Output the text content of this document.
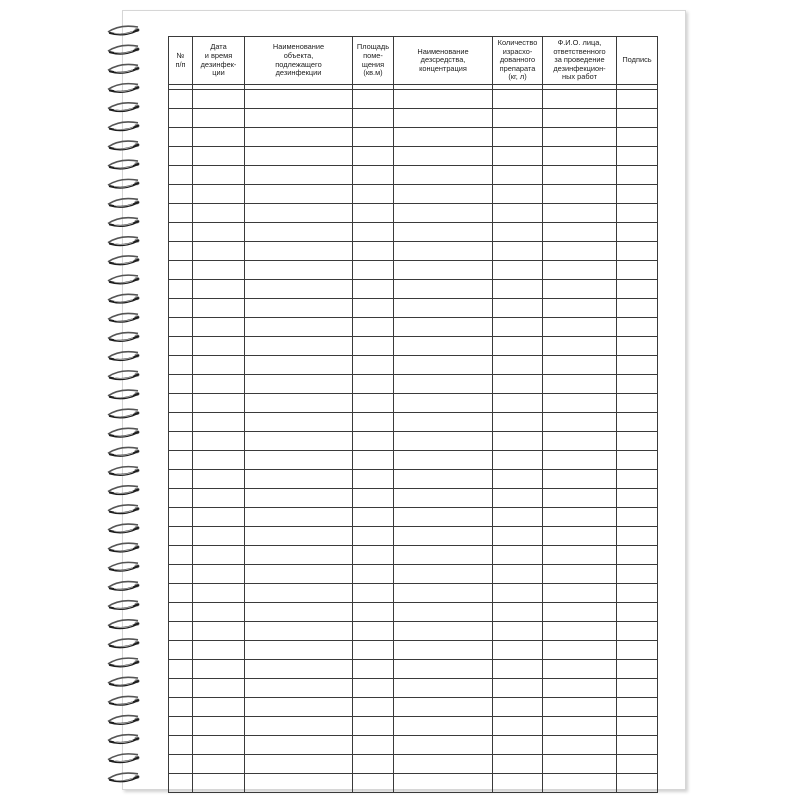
№
п/п	Дата
и время
дезинфек-
ции	Наименование
объекта,
подлежащего
дезинфекции	Площадь
поме-
щения
(кв.м)	Наименование
дезсредства,
концентрация	Количество
израсхо-
дованного
препарата
(кг, л)	Ф.И.О. лица,
ответственного
за проведение
дезинфекцион-
ных работ	Подпись
